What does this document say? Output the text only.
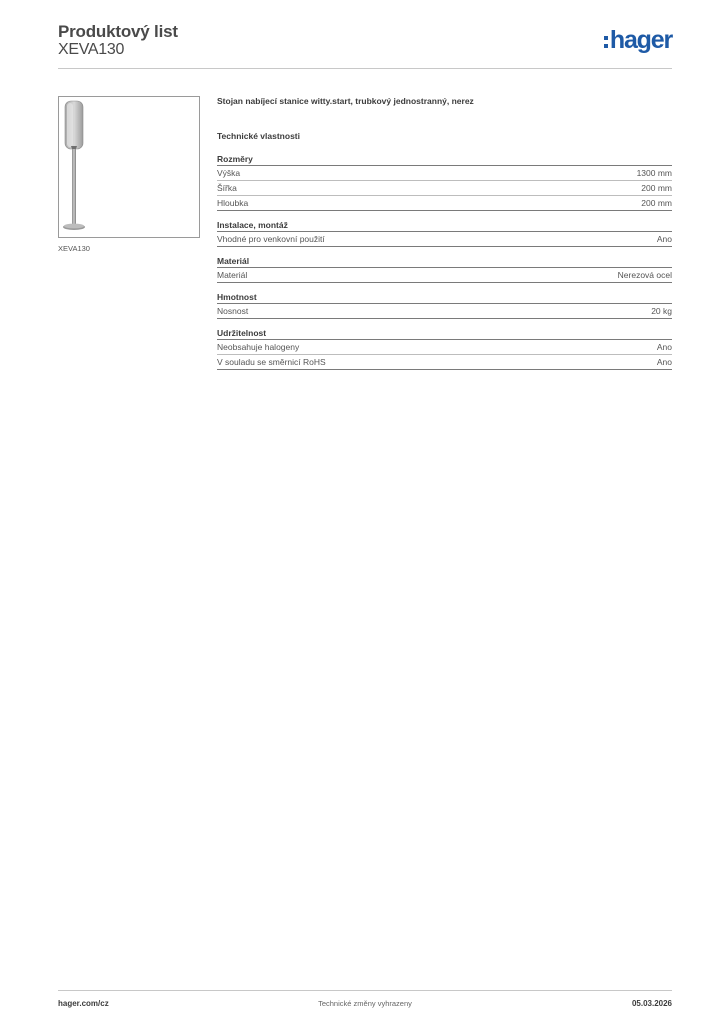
Produktový list
XEVA130	hager
XEVA130
Stojan nabíjecí stanice witty.start, trubkový jednostranný, nerez
Technické vlastnosti
Rozměry
Výška	1300 mm
Šířka	200 mm
Hloubka	200 mm
Instalace, montáž
Vhodné pro venkovní použití	Ano
Materiál
Materiál	Nerezová ocel
Hmotnost
Nosnost	20 kg
Udržitelnost
Neobsahuje halogeny	Ano
V souladu se směrnicí RoHS	Ano
hager.com/cz	Technické změny vyhrazeny	05.03.2026
